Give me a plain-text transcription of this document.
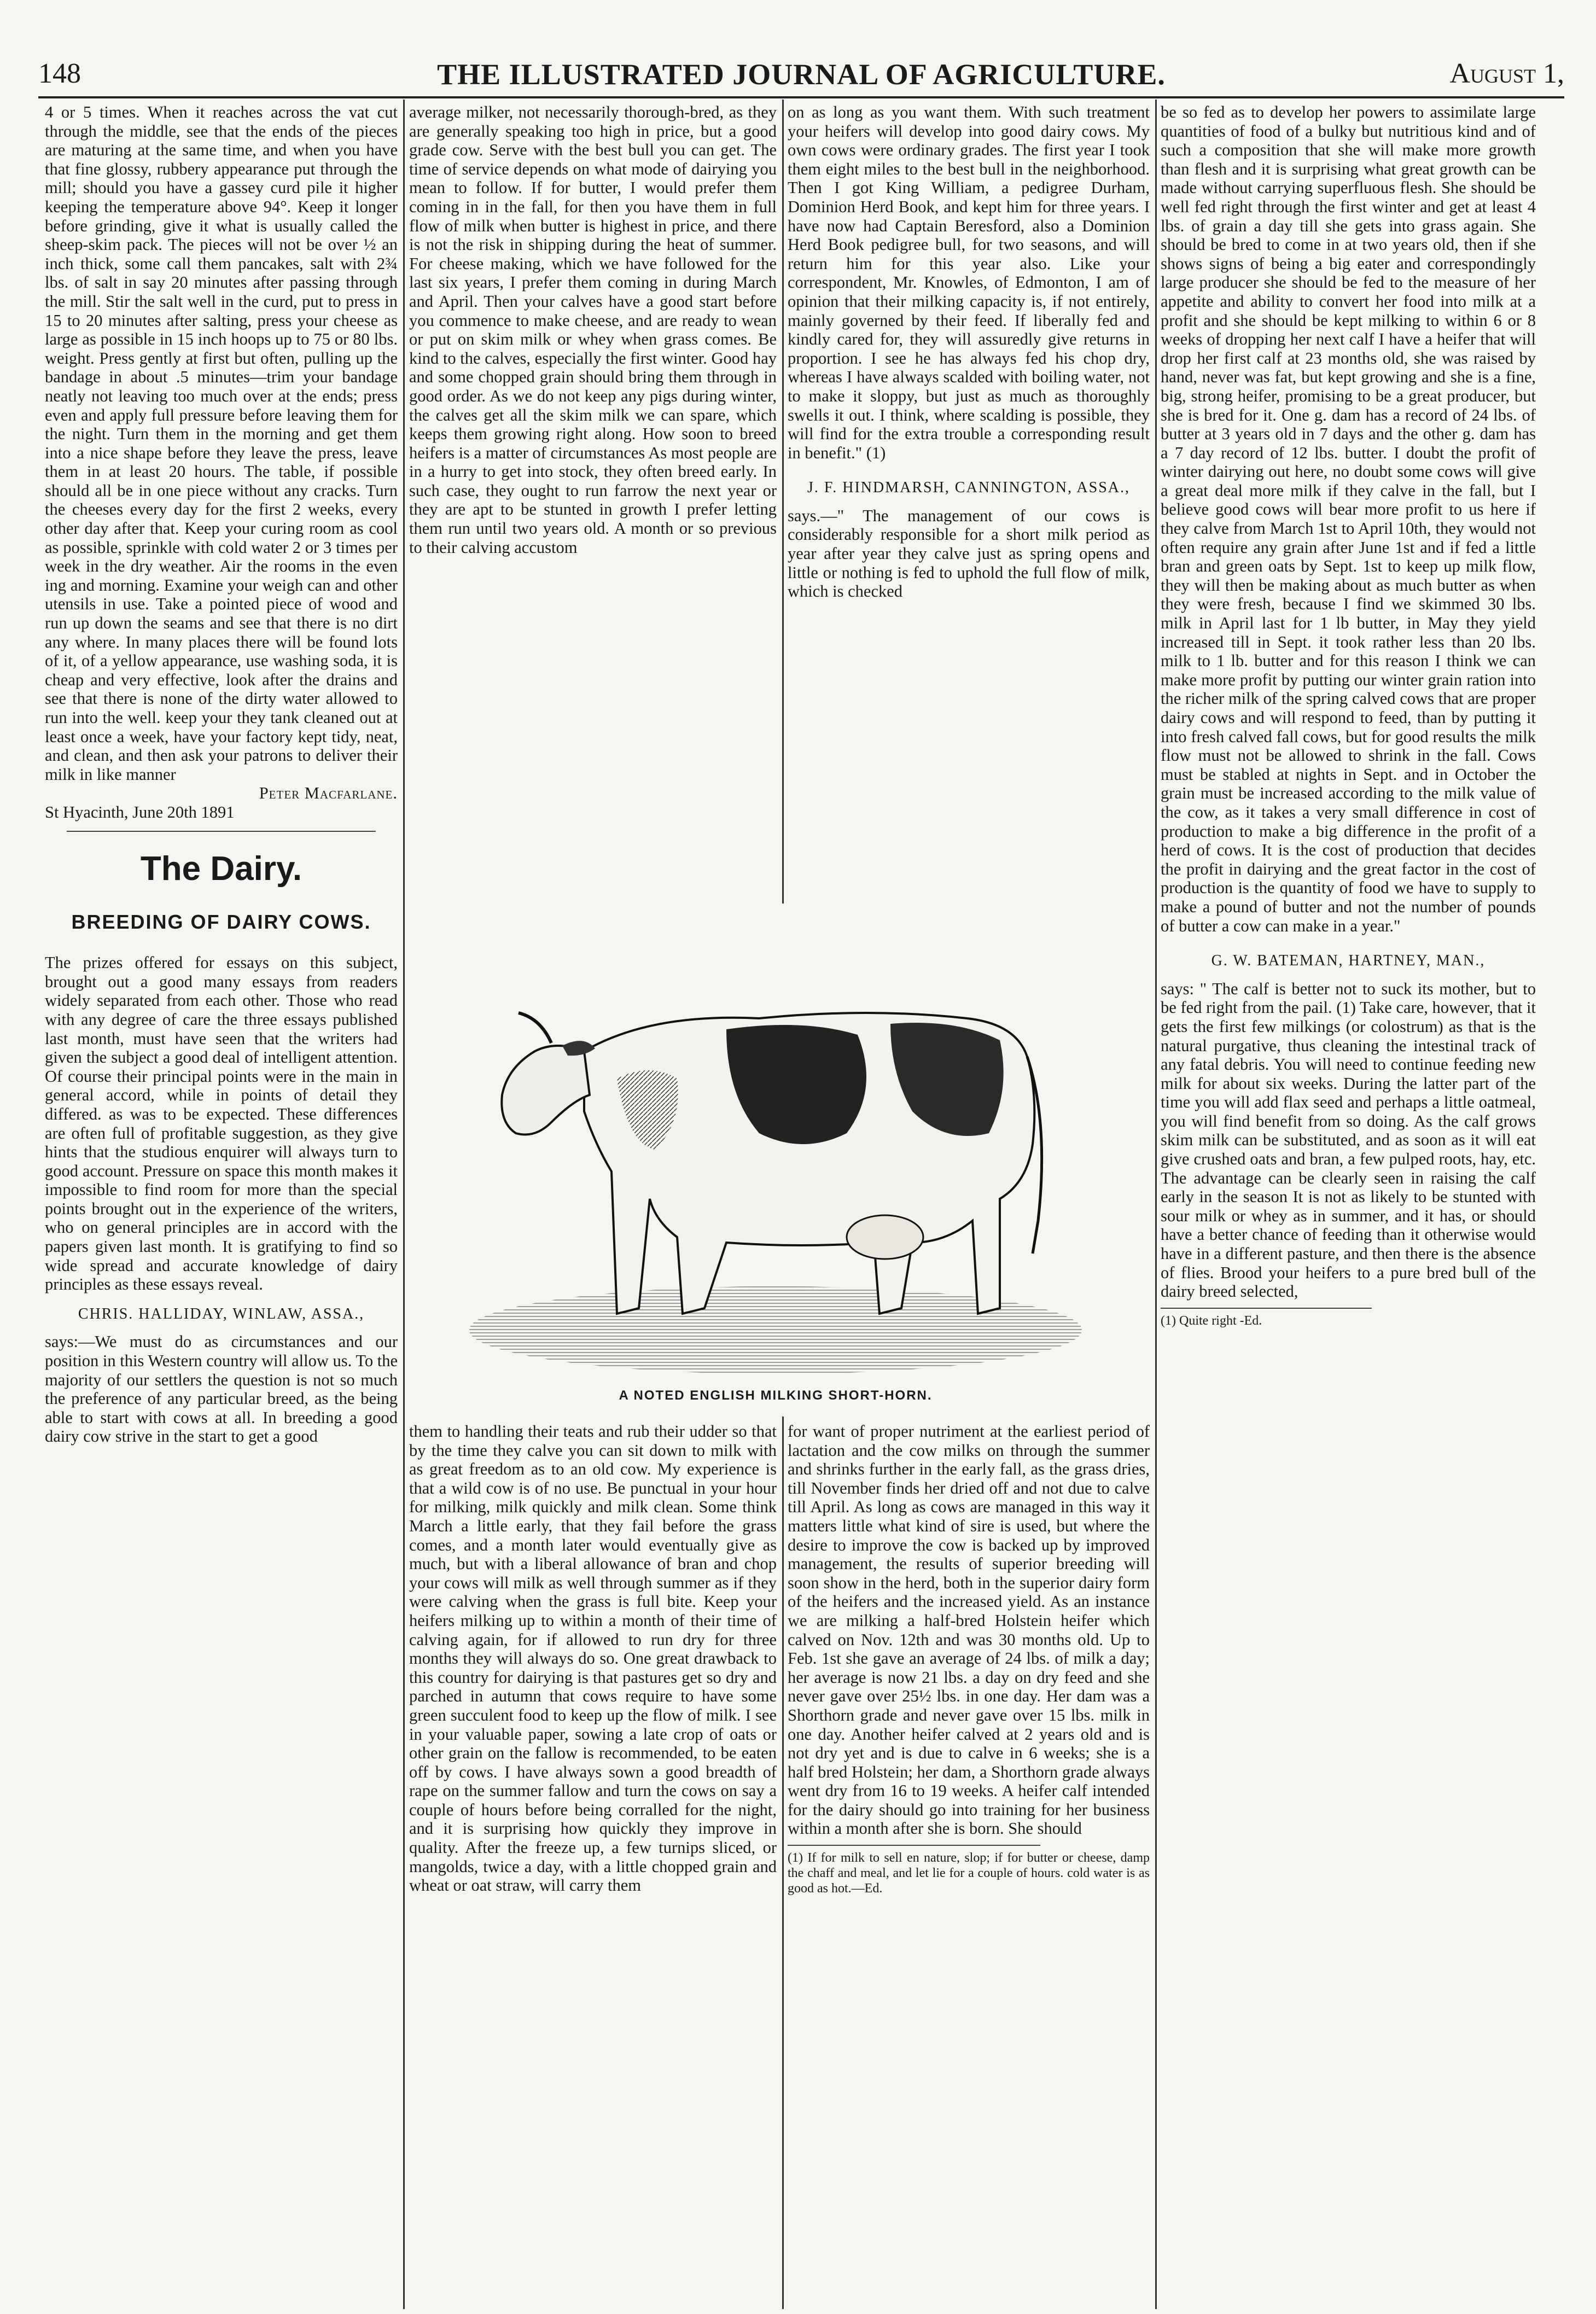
148	THE ILLUSTRATED JOURNAL OF AGRICULTURE.	August 1,

4 or 5 times. When it reaches across the vat cut through the middle, see that the ends of the pieces are maturing at the same time, and when you have that fine glossy, rubbery appearance put through the mill; should you have a gassey curd pile it higher keeping the temperature above 94°. Keep it longer before grinding, give it what is usually called the sheep-skim pack. The pieces will not be over ½ an inch thick, some call them pancakes, salt with 2¾ lbs. of salt in say 20 minutes after passing through the mill. Stir the salt well in the curd, put to press in 15 to 20 minutes after salting, press your cheese as large as possible in 15 inch hoops up to 75 or 80 lbs. weight. Press gently at first but often, pulling up the bandage in about .5 minutes—trim your bandage neatly not leaving too much over at the ends; press even and apply full pressure before leaving them for the night. Turn them in the morning and get them into a nice shape before they leave the press, leave them in at least 20 hours. The table, if possible should all be in one piece without any cracks. Turn the cheeses every day for the first 2 weeks, every other day after that. Keep your curing room as cool as possible, sprinkle with cold water 2 or 3 times per week in the dry weather. Air the rooms in the even ing and morning. Examine your weigh can and other utensils in use. Take a pointed piece of wood and run up down the seams and see that there is no dirt any where. In many places there will be found lots of it, of a yellow appearance, use washing soda, it is cheap and very effective, look after the drains and see that there is none of the dirty water allowed to run into the well. keep your they tank cleaned out at least once a week, have your factory kept tidy, neat, and clean, and then ask your patrons to deliver their milk in like manner

Peter Macfarlane.

St Hyacinth, June 20th 1891

The Dairy.
BREEDING OF DAIRY COWS.

The prizes offered for essays on this subject, brought out a good many essays from readers widely separated from each other. Those who read with any degree of care the three essays published last month, must have seen that the writers had given the subject a good deal of intelligent attention. Of course their principal points were in the main in general accord, while in points of detail they differed. as was to be expected. These differences are often full of profitable suggestion, as they give hints that the studious enquirer will always turn to good account. Pressure on space this month makes it impossible to find room for more than the special points brought out in the experience of the writers, who on general principles are in accord with the papers given last month. It is gratifying to find so wide spread and accurate knowledge of dairy principles as these essays reveal.

CHRIS. HALLIDAY, WINLAW, ASSA.,

says:—We must do as circumstances and our position in this Western country will allow us. To the majority of our settlers the question is not so much the preference of any particular breed, as the being able to start with cows at all. In breeding a good dairy cow strive in the start to get a good

average milker, not necessarily thorough-bred, as they are generally speaking too high in price, but a good grade cow. Serve with the best bull you can get. The time of service depends on what mode of dairying you mean to follow. If for butter, I would prefer them coming in in the fall, for then you have them in full flow of milk when butter is highest in price, and there is not the risk in shipping during the heat of summer. For cheese making, which we have followed for the last six years, I prefer them coming in during March and April. Then your calves have a good start before you commence to make cheese, and are ready to wean or put on skim milk or whey when grass comes. Be kind to the calves, especially the first winter. Good hay and some chopped grain should bring them through in good order. As we do not keep any pigs during winter, the calves get all the skim milk we can spare, which keeps them growing right along. How soon to breed heifers is a matter of circumstances As most people are in a hurry to get into stock, they often breed early. In such case, they ought to run farrow the next year or they are apt to be stunted in growth I prefer letting them run until two years old. A month or so previous to their calving accustom

on as long as you want them. With such treatment your heifers will develop into good dairy cows. My own cows were ordinary grades. The first year I took them eight miles to the best bull in the neighborhood. Then I got King William, a pedigree Durham, Dominion Herd Book, and kept him for three years. I have now had Captain Beresford, also a Dominion Herd Book pedigree bull, for two seasons, and will return him for this year also. Like your correspondent, Mr. Knowles, of Edmonton, I am of opinion that their milking capacity is, if not entirely, mainly governed by their feed. If liberally fed and kindly cared for, they will assuredly give returns in proportion. I see he has always fed his chop dry, whereas I have always scalded with boiling water, not to make it sloppy, but just as much as thoroughly swells it out. I think, where scalding is possible, they will find for the extra trouble a corresponding result in benefit." (1)

J. F. HINDMARSH, CANNINGTON, ASSA.,

says.—" The management of our cows is considerably responsible for a short milk period as year after year they calve just as spring opens and little or nothing is fed to uphold the full flow of milk, which is checked

A NOTED ENGLISH MILKING SHORT-HORN.

them to handling their teats and rub their udder so that by the time they calve you can sit down to milk with as great freedom as to an old cow. My experience is that a wild cow is of no use. Be punctual in your hour for milking, milk quickly and milk clean. Some think March a little early, that they fail before the grass comes, and a month later would eventually give as much, but with a liberal allowance of bran and chop your cows will milk as well through summer as if they were calving when the grass is full bite. Keep your heifers milking up to within a month of their time of calving again, for if allowed to run dry for three months they will always do so. One great drawback to this country for dairying is that pastures get so dry and parched in autumn that cows require to have some green succulent food to keep up the flow of milk. I see in your valuable paper, sowing a late crop of oats or other grain on the fallow is recommended, to be eaten off by cows. I have always sown a good breadth of rape on the summer fallow and turn the cows on say a couple of hours before being corralled for the night, and it is surprising how quickly they improve in quality. After the freeze up, a few turnips sliced, or mangolds, twice a day, with a little chopped grain and wheat or oat straw, will carry them

for want of proper nutriment at the earliest period of lactation and the cow milks on through the summer and shrinks further in the early fall, as the grass dries, till November finds her dried off and not due to calve till April. As long as cows are managed in this way it matters little what kind of sire is used, but where the desire to improve the cow is backed up by improved management, the results of superior breeding will soon show in the herd, both in the superior dairy form of the heifers and the increased yield. As an instance we are milking a half-bred Holstein heifer which calved on Nov. 12th and was 30 months old. Up to Feb. 1st she gave an average of 24 lbs. of milk a day; her average is now 21 lbs. a day on dry feed and she never gave over 25½ lbs. in one day. Her dam was a Shorthorn grade and never gave over 15 lbs. milk in one day. Another heifer calved at 2 years old and is not dry yet and is due to calve in 6 weeks; she is a half bred Holstein; her dam, a Shorthorn grade always went dry from 16 to 19 weeks. A heifer calf intended for the dairy should go into training for her business within a month after she is born. She should

(1) If for milk to sell en nature, slop; if for butter or cheese, damp the chaff and meal, and let lie for a couple of hours. cold water is as good as hot.—Ed.

be so fed as to develop her powers to assimilate large quantities of food of a bulky but nutritious kind and of such a composition that she will make more growth than flesh and it is surprising what great growth can be made without carrying superfluous flesh. She should be well fed right through the first winter and get at least 4 lbs. of grain a day till she gets into grass again. She should be bred to come in at two years old, then if she shows signs of being a big eater and correspondingly large producer she should be fed to the measure of her appetite and ability to convert her food into milk at a profit and she should be kept milking to within 6 or 8 weeks of dropping her next calf I have a heifer that will drop her first calf at 23 months old, she was raised by hand, never was fat, but kept growing and she is a fine, big, strong heifer, promising to be a great producer, but she is bred for it. One g. dam has a record of 24 lbs. of butter at 3 years old in 7 days and the other g. dam has a 7 day record of 12 lbs. butter. I doubt the profit of winter dairying out here, no doubt some cows will give a great deal more milk if they calve in the fall, but I believe good cows will bear more profit to us here if they calve from March 1st to April 10th, they would not often require any grain after June 1st and if fed a little bran and green oats by Sept. 1st to keep up milk flow, they will then be making about as much butter as when they were fresh, because I find we skimmed 30 lbs. milk in April last for 1 lb butter, in May they yield increased till in Sept. it took rather less than 20 lbs. milk to 1 lb. butter and for this reason I think we can make more profit by putting our winter grain ration into the richer milk of the spring calved cows that are proper dairy cows and will respond to feed, than by putting it into fresh calved fall cows, but for good results the milk flow must not be allowed to shrink in the fall. Cows must be stabled at nights in Sept. and in October the grain must be increased according to the milk value of the cow, as it takes a very small difference in cost of production to make a big difference in the profit of a herd of cows. It is the cost of production that decides the profit in dairying and the great factor in the cost of production is the quantity of food we have to supply to make a pound of butter and not the number of pounds of butter a cow can make in a year."

G. W. BATEMAN, HARTNEY, MAN.,

says: " The calf is better not to suck its mother, but to be fed right from the pail. (1) Take care, however, that it gets the first few milkings (or colostrum) as that is the natural purgative, thus cleaning the intestinal track of any fatal debris. You will need to continue feeding new milk for about six weeks. During the latter part of the time you will add flax seed and perhaps a little oatmeal, you will find benefit from so doing. As the calf grows skim milk can be substituted, and as soon as it will eat give crushed oats and bran, a few pulped roots, hay, etc. The advantage can be clearly seen in raising the calf early in the season It is not as likely to be stunted with sour milk or whey as in summer, and it has, or should have a better chance of feeding than it otherwise would have in a different pasture, and then there is the absence of flies. Brood your heifers to a pure bred bull of the dairy breed selected,

(1) Quite right -Ed.
